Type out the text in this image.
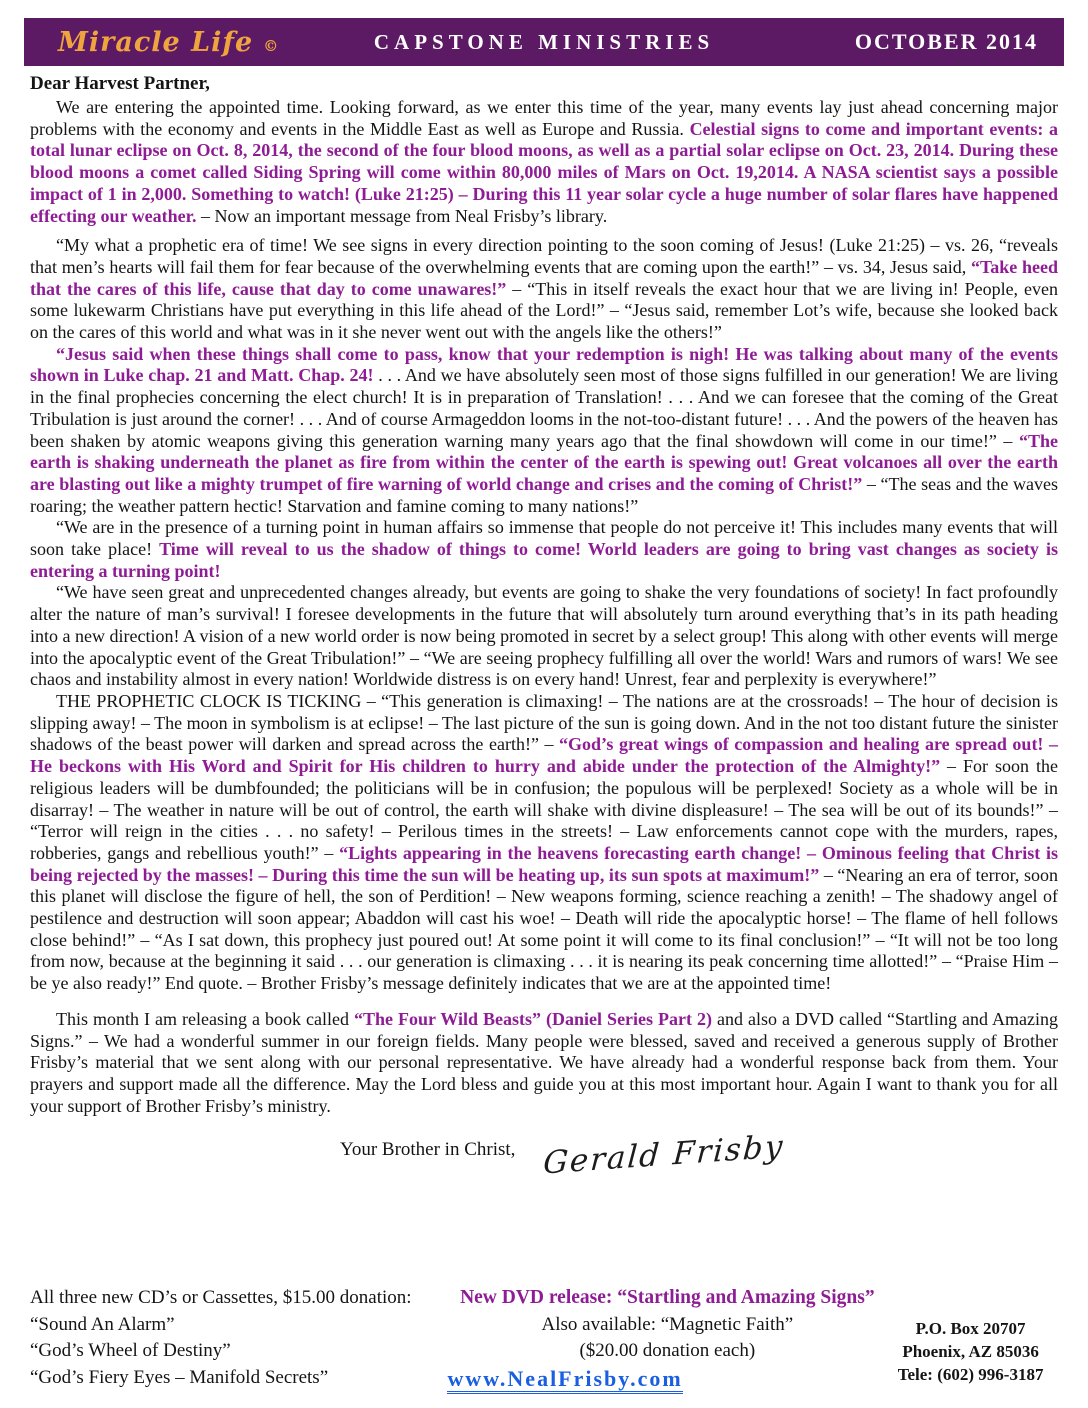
Miracle Life ©	CAPSTONE MINISTRIES	OCTOBER 2014
Dear Harvest Partner,

We are entering the appointed time. Looking forward, as we enter this time of the year, many events lay just ahead concerning major problems with the economy and events in the Middle East as well as Europe and Russia. Celestial signs to come and important events: a total lunar eclipse on Oct. 8, 2014, the second of the four blood moons, as well as a partial solar eclipse on Oct. 23, 2014. During these blood moons a comet called Siding Spring will come within 80,000 miles of Mars on Oct. 19,2014. A NASA scientist says a possible impact of 1 in 2,000. Something to watch! (Luke 21:25) – During this 11 year solar cycle a huge number of solar flares have happened effecting our weather. – Now an important message from Neal Frisby’s library.

“My what a prophetic era of time! We see signs in every direction pointing to the soon coming of Jesus! (Luke 21:25) – vs. 26, “reveals that men’s hearts will fail them for fear because of the overwhelming events that are coming upon the earth!” – vs. 34, Jesus said, “Take heed that the cares of this life, cause that day to come unawares!” – “This in itself reveals the exact hour that we are living in! People, even some lukewarm Christians have put everything in this life ahead of the Lord!” – “Jesus said, remember Lot’s wife, because she looked back on the cares of this world and what was in it she never went out with the angels like the others!”

“Jesus said when these things shall come to pass, know that your redemption is nigh! He was talking about many of the events shown in Luke chap. 21 and Matt. Chap. 24! . . . And we have absolutely seen most of those signs fulfilled in our generation! We are living in the final prophecies concerning the elect church! It is in preparation of Translation! . . . And we can foresee that the coming of the Great Tribulation is just around the corner! . . . And of course Armageddon looms in the not-too-distant future! . . . And the powers of the heaven has been shaken by atomic weapons giving this generation warning many years ago that the final showdown will come in our time!” – “The earth is shaking underneath the planet as fire from within the center of the earth is spewing out! Great volcanoes all over the earth are blasting out like a mighty trumpet of fire warning of world change and crises and the coming of Christ!” – “The seas and the waves roaring; the weather pattern hectic! Starvation and famine coming to many nations!”

“We are in the presence of a turning point in human affairs so immense that people do not perceive it! This includes many events that will soon take place! Time will reveal to us the shadow of things to come! World leaders are going to bring vast changes as society is entering a turning point!

“We have seen great and unprecedented changes already, but events are going to shake the very foundations of society! In fact profoundly alter the nature of man’s survival! I foresee developments in the future that will absolutely turn around everything that’s in its path heading into a new direction! A vision of a new world order is now being promoted in secret by a select group! This along with other events will merge into the apocalyptic event of the Great Tribulation!” – “We are seeing prophecy fulfilling all over the world! Wars and rumors of wars! We see chaos and instability almost in every nation! Worldwide distress is on every hand! Unrest, fear and perplexity is everywhere!”

THE PROPHETIC CLOCK IS TICKING – “This generation is climaxing! – The nations are at the crossroads! – The hour of decision is slipping away! – The moon in symbolism is at eclipse! – The last picture of the sun is going down. And in the not too distant future the sinister shadows of the beast power will darken and spread across the earth!” – “God’s great wings of compassion and healing are spread out! – He beckons with His Word and Spirit for His children to hurry and abide under the protection of the Almighty!” – For soon the religious leaders will be dumbfounded; the politicians will be in confusion; the populous will be perplexed! Society as a whole will be in disarray! – The weather in nature will be out of control, the earth will shake with divine displeasure! – The sea will be out of its bounds!” – “Terror will reign in the cities . . . no safety! – Perilous times in the streets! – Law enforcements cannot cope with the murders, rapes, robberies, gangs and rebellious youth!” – “Lights appearing in the heavens forecasting earth change! – Ominous feeling that Christ is being rejected by the masses! – During this time the sun will be heating up, its sun spots at maximum!” – “Nearing an era of terror, soon this planet will disclose the figure of hell, the son of Perdition! – New weapons forming, science reaching a zenith! – The shadowy angel of pestilence and destruction will soon appear; Abaddon will cast his woe! – Death will ride the apocalyptic horse! – The flame of hell follows close behind!” – “As I sat down, this prophecy just poured out! At some point it will come to its final conclusion!” – “It will not be too long from now, because at the beginning it said . . . our generation is climaxing . . . it is nearing its peak concerning time allotted!” – “Praise Him – be ye also ready!” End quote. – Brother Frisby’s message definitely indicates that we are at the appointed time!

This month I am releasing a book called “The Four Wild Beasts” (Daniel Series Part 2) and also a DVD called “Startling and Amazing Signs.” – We had a wonderful summer in our foreign fields. Many people were blessed, saved and received a generous supply of Brother Frisby’s material that we sent along with our personal representative. We have already had a wonderful response back from them. Your prayers and support made all the difference. May the Lord bless and guide you at this most important hour. Again I want to thank you for all your support of Brother Frisby’s ministry.

Your Brother in Christ, Gerald Frisby
All three new CD’s or Cassettes, $15.00 donation:
“Sound An Alarm”
“God’s Wheel of Destiny”
“God’s Fiery Eyes – Manifold Secrets”
New DVD release: “Startling and Amazing Signs”
Also available: “Magnetic Faith”
($20.00 donation each)
www.NealFrisby.com
P.O. Box 20707
Phoenix, AZ 85036
Tele: (602) 996-3187
